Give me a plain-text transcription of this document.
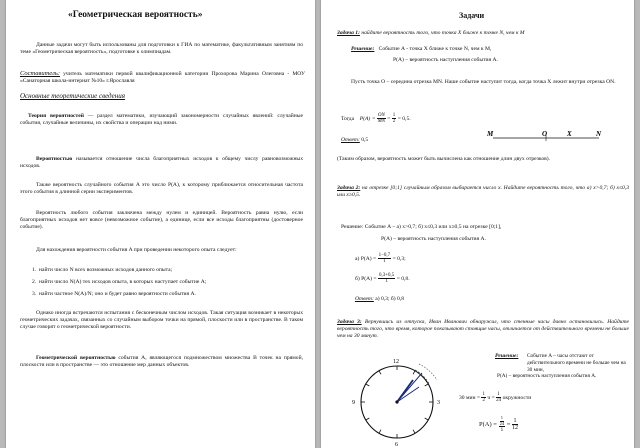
«Геометрическая вероятность»
Данные задачи могут быть использованы для подготовки к ГИА по математике, факультативным занятиям по теме «Геометрическая вероятность», подготовке к олимпиадам.
Составитель: учитель математики первой квалификационной категории Прохорова Марина Олеговна - МОУ «Санаторная школа-интернат №10» г.Ярославля
Основные теоретические сведения
Теория вероятностей — раздел математики, изучающий закономерности случайных явлений: случайные события, случайные величины, их свойства и операции над ними.
Вероятностью называется отношение числа благоприятных исходов к общему числу равновозможных исходов.
Также вероятность случайного события A это число P(A), к которому приближается относительная частота этого события в длинной серии экспериментов.
Вероятность любого события заключена между нулем и единицей. Вероятность равна нулю, если благоприятных исходов нет вовсе (невозможное событие), а единице, если все исходы благоприятны (достоверное событие).
Для нахождения вероятности события A при проведении некоторого опыта следует:
1.  найти число N всех возможных исходов данного опыта;
2.  найти число N(A) тех исходов опыта, в которых наступает событие A;
3.  найти частное N(A)/N; оно и будет равно вероятности события A.
Однако иногда встречаются испытания с бесконечным числом исходов. Такая ситуация возникает в некоторых геометрических задачах, связанных со случайным выбором точки на прямой, плоскости или в пространстве. В таком случае говорят о геометрической вероятности.
Геометрической вероятностью события A, являющегося подмножеством множества B точек на прямой, плоскости или в пространстве — это отношение мер данных объектов.
Задачи
Задача 1: найдите вероятность того, что точка X ближе к точке N, чем к M
Решение: Событие A - точка X ближе к точке N, чем к M,
P(A) – вероятность наступления события A.
Пусть точка O – середина отрезка MN. Наше событие наступит тогда, когда точка X лежит внутри отрезка ON.
Тогда $P(A) = \frac{ON}{MN} = \frac{1}{2} = 0,5$.
M	O	X	N
Ответ: 0,5
(Таким образом, вероятность может быть вычислена как отношение длин двух отрезков).
Задача 2: на отрезке [0;1] случайным образом выбирается число x. Найдите вероятность того, что а) x>0,7; б) x≤0,3 или x≥0,5.
Решение: Событие A – a) x>0,7; б) x≤0,3 или x≥0,5 на отрезке [0;1],
P(A) – вероятность наступления события A.
а) $P(A) = \frac{1-0,7}{1} = 0,3$;
б) $P(A) = \frac{0,3+0,5}{1} = 0,8$.
Ответ: а) 0,3; б) 0,8
Задача 3: Вернувшись из отпуска, Иван Иванович обнаружил, что стенные часы давно остановились. Найдите вероятность того, что время, которое показывают стоящие часы, отличается от действительного времени не больше чем на 30 минут.
12
3
6
9
Решение: Событие A – часы отстают от действительного времени не больше чем на 30 мин,
P(A) – вероятность наступления события A.
30 мин = $\frac{1}{2}$ $ч = \frac{1}{24}$ окружности
P(A) = 1
24
$1 = \frac{1}{12}$
